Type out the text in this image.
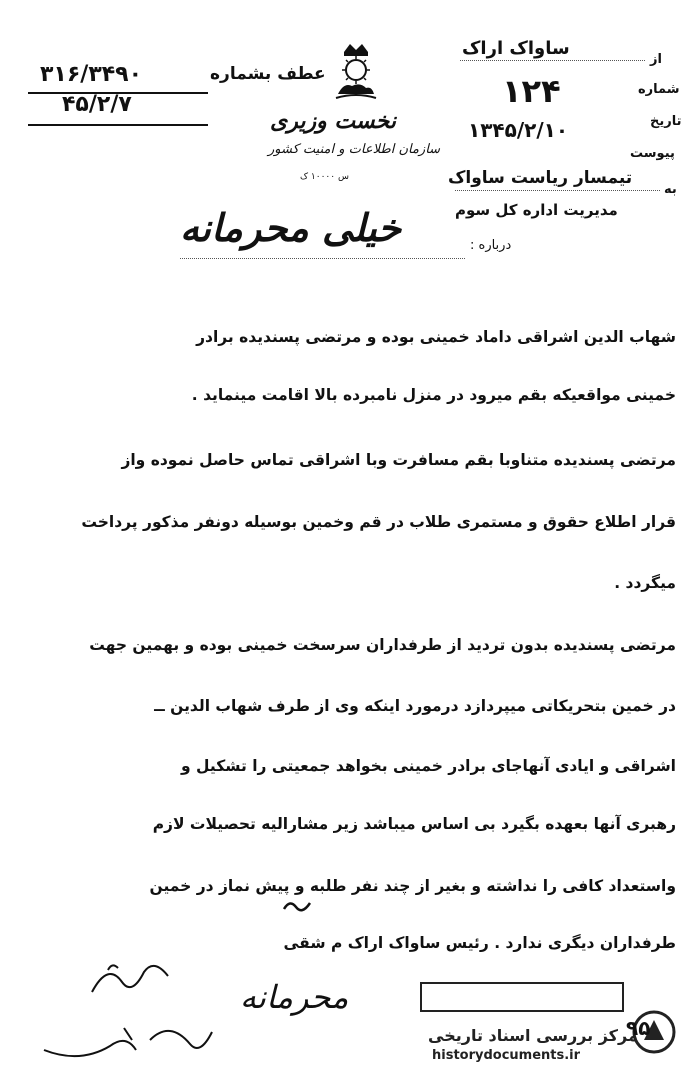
۳۱۶/۳۴۹۰
۴۵/۲/۷
عطف بشماره
نخست وزیری
سازمان اطلاعات و امنیت کشور
س ۱۰۰۰۰ ک
از
ساواک اراک
شماره
۱۲۴
تاریخ
۱۳۴۵/۲/۱۰
پیوست
به
تیمسار ریاست ساواک
مدیریت اداره کل سوم
خیلی محرمانه	درباره :
شهاب الدین اشراقی داماد خمینی بوده و مرتضی پسندیده برادر
خمینی مواقعیکه بقم میرود در منزل نامبرده بالا اقامت مینماید .
مرتضی پسندیده متناوبا بقم مسافرت وبا اشراقی تماس حاصل نموده واز
قرار اطلاع حقوق و مستمری طلاب در قم وخمین بوسیله دونفر مذکور پرداخت
میگردد .
مرتضی پسندیده بدون تردید از طرفداران سرسخت خمینی بوده و بهمین جهت
در خمین بتحریکاتی میپردازد درمورد اینکه وی از طرف شهاب الدین ــ
اشراقی و ایادی آنهاجای برادر خمینی بخواهد جمعیتی را تشکیل و
رهبری آنها بعهده بگیرد بی اساس میباشد زیر مشارالیه تحصیلات لازم
واستعداد کافی را نداشته و بغیر از چند نفر طلبه و پیش نماز در خمین
طرفداران دیگری ندارد . رئیس ساواک اراک م شقی
محرمانه
مرکز بررسی اسناد تاریخی
historydocuments.ir
۹۵
